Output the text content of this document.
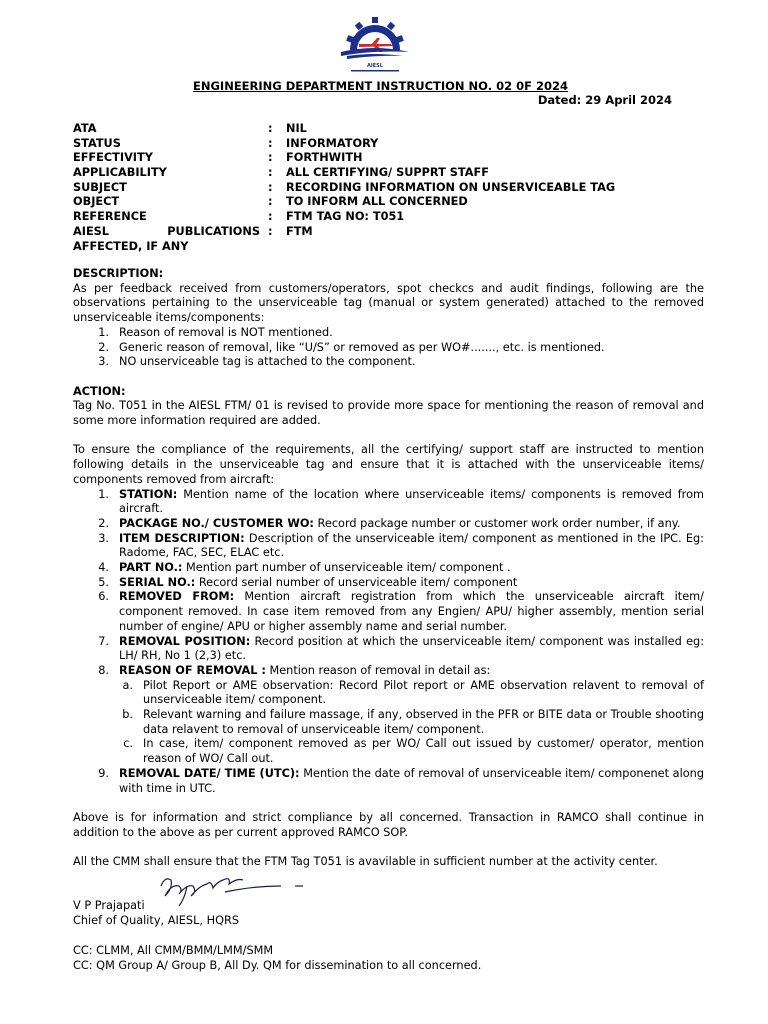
AIESL
ENGINEERING DEPARTMENT INSTRUCTION NO. 02 0F 2024
Dated: 29 April 2024
ATA	:	NIL
STATUS	:	INFORMATORY
EFFECTIVITY	:	FORTHWITH
APPLICABILITY	:	ALL CERTIFYING/ SUPPRT STAFF
SUBJECT	:	RECORDING INFORMATION ON UNSERVICEABLE TAG
OBJECT	:	TO INFORM ALL CONCERNED
REFERENCE	:	FTM TAG NO: T051
AIESL	PUBLICATIONS :	FTM
AFFECTED, IF ANY
DESCRIPTION:

As per feedback received from customers/operators, spot checkcs and audit findings, following are the observations pertaining to the unserviceable tag (manual or system generated) attached to the removed unserviceable items/components:

1. Reason of removal is NOT mentioned.
2. Generic reason of removal, like “U/S” or removed as per WO#......., etc. is mentioned.
3. NO unserviceable tag is attached to the component.
ACTION:

Tag No. T051 in the AIESL FTM/ 01 is revised to provide more space for mentioning the reason of removal and some more information required are added.

To ensure the compliance of the requirements, all the certifying/ support staff are instructed to mention following details in the unserviceable tag and ensure that it is attached with the unserviceable items/ components removed from aircraft:

1. STATION: Mention name of the location where unserviceable items/ components is removed from aircraft.
2. PACKAGE NO./ CUSTOMER WO: Record package number or customer work order number, if any.
3. ITEM DESCRIPTION: Description of the unserviceable item/ component as mentioned in the IPC. Eg: Radome, FAC, SEC, ELAC etc.
4. PART NO.: Mention part number of unserviceable item/ component .
5. SERIAL NO.: Record serial number of unserviceable item/ component
6. REMOVED FROM: Mention aircraft registration from which the unserviceable aircraft item/ component removed. In case item removed from any Engien/ APU/ higher assembly, mention serial number of engine/ APU or higher assembly name and serial number.
7. REMOVAL POSITION: Record position at which the unserviceable item/ component was installed eg: LH/ RH, No 1 (2,3) etc.
8. REASON OF REMOVAL : Mention reason of removal in detail as:
a. Pilot Report or AME observation: Record Pilot report or AME observation relavent to removal of unserviceable item/ component.
b. Relevant warning and failure massage, if any, observed in the PFR or BITE data or Trouble shooting data relavent to removal of unserviceable item/ component.
c. In case, item/ component removed as per WO/ Call out issued by customer/ operator, mention reason of WO/ Call out.
9. REMOVAL DATE/ TIME (UTC): Mention the date of removal of unserviceable item/ componenet along with time in UTC.

Above is for information and strict compliance by all concerned. Transaction in RAMCO shall continue in addition to the above as per current approved RAMCO SOP.

All the CMM shall ensure that the FTM Tag T051 is avavilable in sufficient number at the activity center.

V P Prajapati
Chief of Quality, AIESL, HQRS
CC: CLMM, All CMM/BMM/LMM/SMM
CC: QM Group A/ Group B, All Dy. QM for dissemination to all concerned.
